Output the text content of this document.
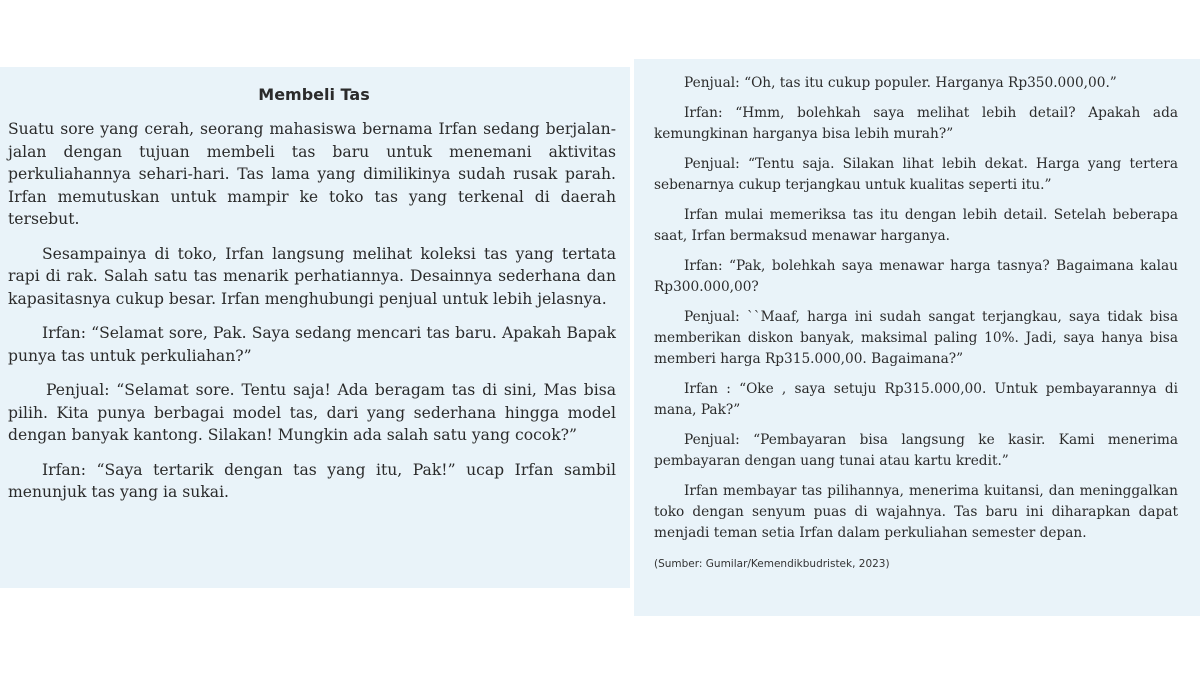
Membeli Tas

Suatu sore yang cerah, seorang mahasiswa bernama Irfan sedang berjalan-jalan dengan tujuan membeli tas baru untuk menemani aktivitas perkuliahannya sehari-hari. Tas lama yang dimilikinya sudah rusak parah. Irfan memutuskan untuk mampir ke toko tas yang terkenal di daerah tersebut.

Sesampainya di toko, Irfan langsung melihat koleksi tas yang tertata rapi di rak. Salah satu tas menarik perhatiannya. Desainnya sederhana dan kapasitasnya cukup besar. Irfan menghubungi penjual untuk lebih jelasnya.

Irfan: “Selamat sore, Pak. Saya sedang mencari tas baru. Apakah Bapak punya tas untuk perkuliahan?”

Penjual: “Selamat sore. Tentu saja! Ada beragam tas di sini, Mas bisa pilih. Kita punya berbagai model tas, dari yang sederhana hingga model dengan banyak kantong. Silakan! Mungkin ada salah satu yang cocok?”

Irfan: “Saya tertarik dengan tas yang itu, Pak!” ucap Irfan sambil menunjuk tas yang ia sukai.

Penjual: “Oh, tas itu cukup populer. Harganya Rp350.000,00.”

Irfan: “Hmm, bolehkah saya melihat lebih detail? Apakah ada kemungkinan harganya bisa lebih murah?”

Penjual: “Tentu saja. Silakan lihat lebih dekat. Harga yang tertera sebenarnya cukup terjangkau untuk kualitas seperti itu.”

Irfan mulai memeriksa tas itu dengan lebih detail. Setelah beberapa saat, Irfan bermaksud menawar harganya.

Irfan: “Pak, bolehkah saya menawar harga tasnya? Bagaimana kalau Rp300.000,00?

Penjual: ``Maaf, harga ini sudah sangat terjangkau, saya tidak bisa memberikan diskon banyak, maksimal paling 10%. Jadi, saya hanya bisa memberi harga Rp315.000,00. Bagaimana?”

Irfan : “Oke , saya setuju Rp315.000,00. Untuk pembayarannya di mana, Pak?”

Penjual: “Pembayaran bisa langsung ke kasir. Kami menerima pembayaran dengan uang tunai atau kartu kredit.”

Irfan membayar tas pilihannya, menerima kuitansi, dan meninggalkan toko dengan senyum puas di wajahnya. Tas baru ini diharapkan dapat menjadi teman setia Irfan dalam perkuliahan semester depan.

(Sumber: Gumilar/Kemendikbudristek, 2023)
